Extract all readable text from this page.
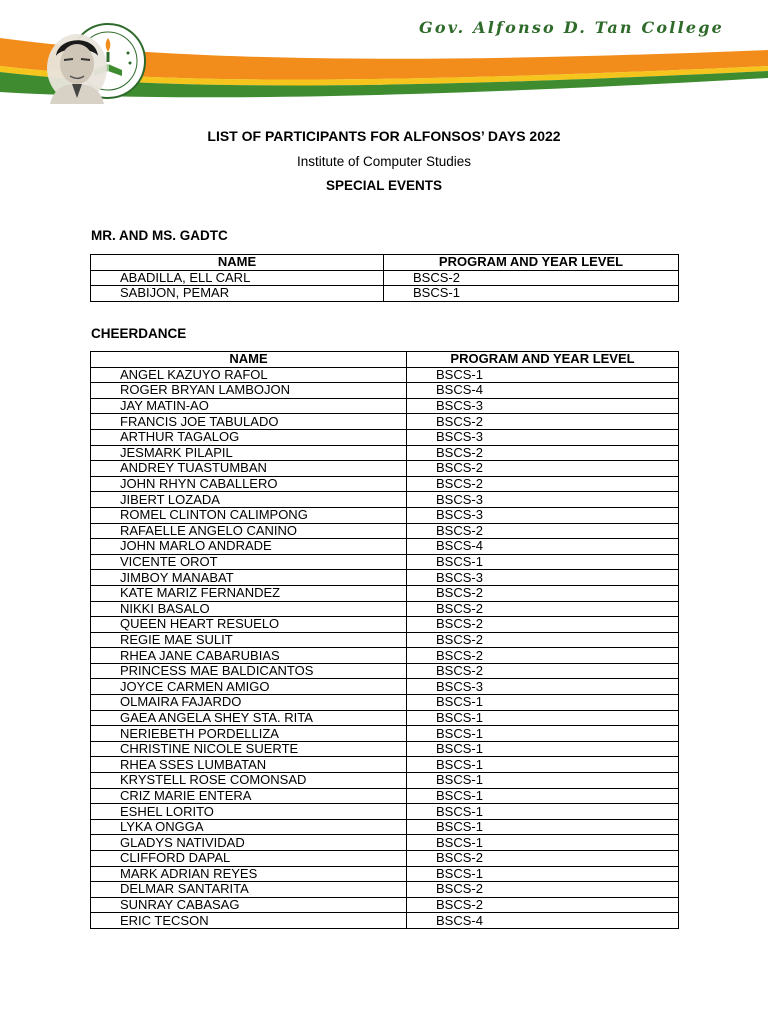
Gov. Alfonso D. Tan College
LIST OF PARTICIPANTS FOR ALFONSOS’ DAYS 2022
Institute of Computer Studies
SPECIAL EVENTS
MR. AND MS. GADTC
NAME	PROGRAM AND YEAR LEVEL
ABADILLA, ELL CARL	BSCS-2
SABIJON, PEMAR	BSCS-1
CHEERDANCE
NAME	PROGRAM AND YEAR LEVEL
ANGEL KAZUYO RAFOL	BSCS-1
ROGER BRYAN LAMBOJON	BSCS-4
JAY MATIN-AO	BSCS-3
FRANCIS JOE TABULADO	BSCS-2
ARTHUR TAGALOG	BSCS-3
JESMARK PILAPIL	BSCS-2
ANDREY TUASTUMBAN	BSCS-2
JOHN RHYN CABALLERO	BSCS-2
JIBERT LOZADA	BSCS-3
ROMEL CLINTON CALIMPONG	BSCS-3
RAFAELLE ANGELO CANINO	BSCS-2
JOHN MARLO ANDRADE	BSCS-4
VICENTE OROT	BSCS-1
JIMBOY MANABAT	BSCS-3
KATE MARIZ FERNANDEZ	BSCS-2
NIKKI BASALO	BSCS-2
QUEEN HEART RESUELO	BSCS-2
REGIE MAE SULIT	BSCS-2
RHEA JANE CABARUBIAS	BSCS-2
PRINCESS MAE BALDICANTOS	BSCS-2
JOYCE CARMEN AMIGO	BSCS-3
OLMAIRA FAJARDO	BSCS-1
GAEA ANGELA SHEY STA. RITA	BSCS-1
NERIEBETH PORDELLIZA	BSCS-1
CHRISTINE NICOLE SUERTE	BSCS-1
RHEA SSES LUMBATAN	BSCS-1
KRYSTELL ROSE COMONSAD	BSCS-1
CRIZ MARIE ENTERA	BSCS-1
ESHEL LORITO	BSCS-1
LYKA ONGGA	BSCS-1
GLADYS NATIVIDAD	BSCS-1
CLIFFORD DAPAL	BSCS-2
MARK ADRIAN REYES	BSCS-1
DELMAR SANTARITA	BSCS-2
SUNRAY CABASAG	BSCS-2
ERIC TECSON	BSCS-4
